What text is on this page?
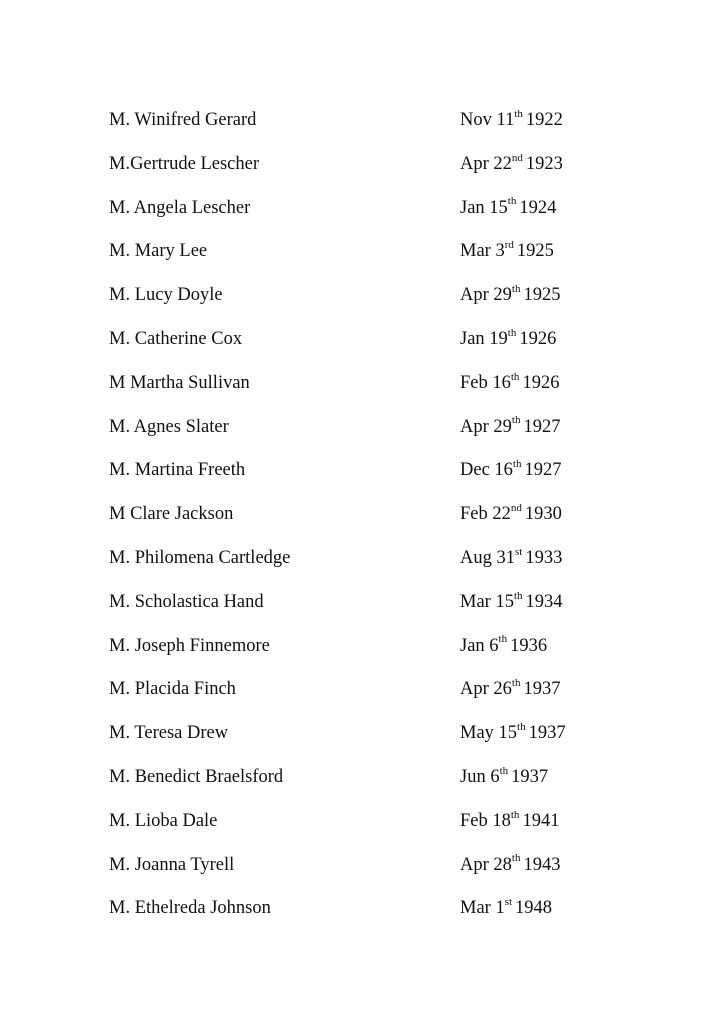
M. Winifred Gerard	Nov 11th 1922
M.Gertrude Lescher	Apr 22nd 1923
M. Angela Lescher	Jan 15th 1924
M. Mary Lee	Mar 3rd 1925
M. Lucy Doyle	Apr 29th 1925
M. Catherine Cox	Jan 19th 1926
M Martha Sullivan	Feb 16th 1926
M. Agnes Slater	Apr 29th 1927
M. Martina Freeth	Dec 16th 1927
M Clare Jackson	Feb 22nd 1930
M. Philomena Cartledge	Aug 31st 1933
M. Scholastica Hand	Mar 15th 1934
M. Joseph Finnemore	Jan 6th 1936
M. Placida Finch	Apr 26th 1937
M. Teresa Drew	May 15th 1937
M. Benedict Braelsford	Jun 6th 1937
M. Lioba Dale	Feb 18th 1941
M. Joanna Tyrell	Apr 28th 1943
M. Ethelreda Johnson	Mar 1st 1948
